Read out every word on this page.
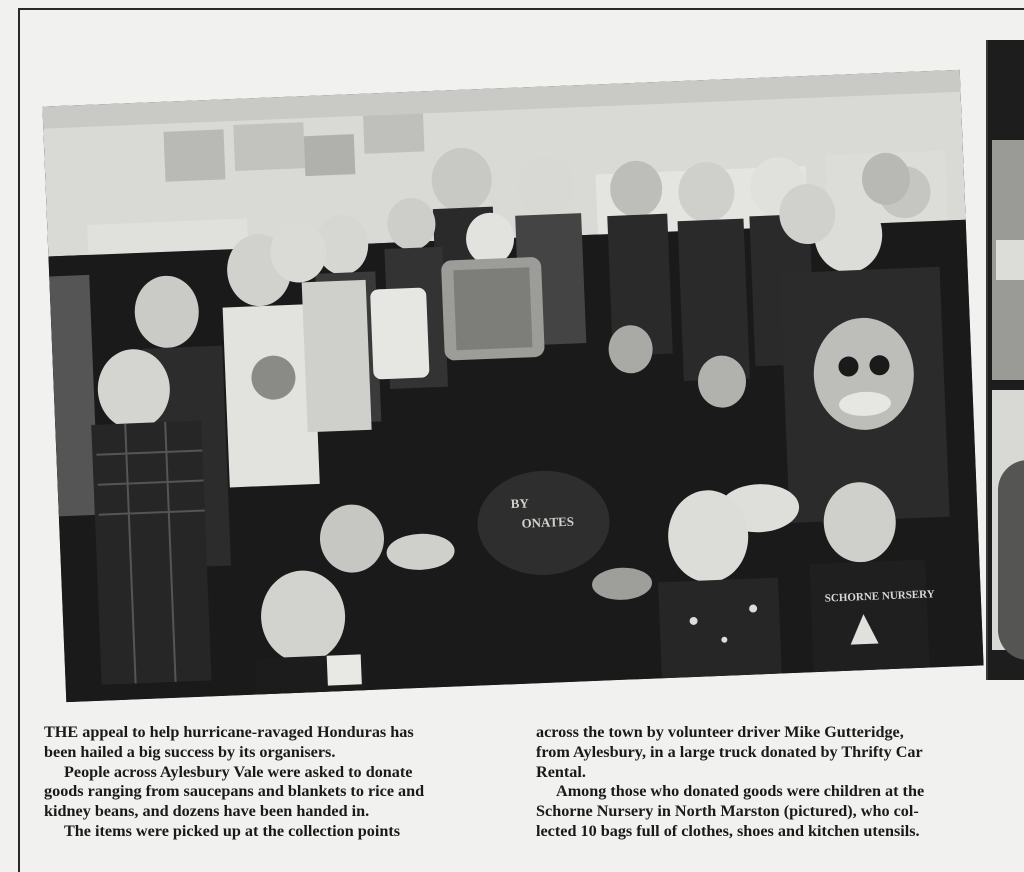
BY
ONATES
SCHORNE NURSERY

THE appeal to help hurricane-ravaged Honduras has

been hailed a big success by its organisers.

People across Aylesbury Vale were asked to donate

goods ranging from saucepans and blankets to rice and

kidney beans, and dozens have been handed in.

The items were picked up at the collection points

across the town by volunteer driver Mike Gutteridge,

from Aylesbury, in a large truck donated by Thrifty Car

Rental.

Among those who donated goods were children at the

Schorne Nursery in North Marston (pictured), who col-

lected 10 bags full of clothes, shoes and kitchen utensils.
